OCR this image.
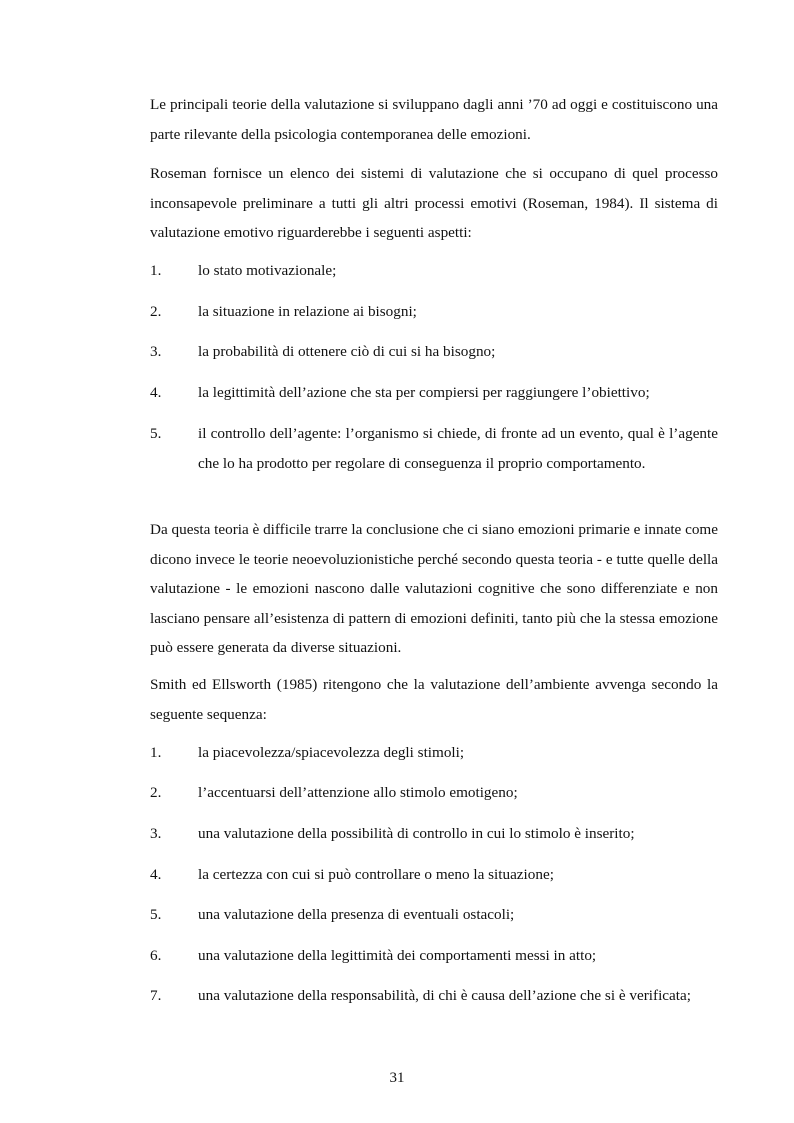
Le principali teorie della valutazione si sviluppano dagli anni ’70 ad oggi e costituiscono una parte rilevante della psicologia contemporanea delle emozioni.

Roseman fornisce un elenco dei sistemi di valutazione che si occupano di quel processo inconsapevole preliminare a tutti gli altri processi emotivi (Roseman, 1984). Il sistema di valutazione emotivo riguarderebbe i seguenti aspetti:

1. lo stato motivazionale;
2. la situazione in relazione ai bisogni;
3. la probabilità di ottenere ciò di cui si ha bisogno;
4. la legittimità dell’azione che sta per compiersi per raggiungere l’obiettivo;
5. il controllo dell’agente: l’organismo si chiede, di fronte ad un evento, qual è l’agente che lo ha prodotto per regolare di conseguenza il proprio comportamento.

Da questa teoria è difficile trarre la conclusione che ci siano emozioni primarie e innate come dicono invece le teorie neoevoluzionistiche perché secondo questa teoria - e tutte quelle della valutazione - le emozioni nascono dalle valutazioni cognitive che sono differenziate e non lasciano pensare all’esistenza di pattern di emozioni definiti, tanto più che la stessa emozione può essere generata da diverse situazioni.

Smith ed Ellsworth (1985) ritengono che la valutazione dell’ambiente avvenga secondo la seguente sequenza:

1. la piacevolezza/spiacevolezza degli stimoli;
2. l’accentuarsi dell’attenzione allo stimolo emotigeno;
3. una valutazione della possibilità di controllo in cui lo stimolo è inserito;
4. la certezza con cui si può controllare o meno la situazione;
5. una valutazione della presenza di eventuali ostacoli;
6. una valutazione della legittimità dei comportamenti messi in atto;
7. una valutazione della responsabilità, di chi è causa dell’azione che si è verificata;
31
